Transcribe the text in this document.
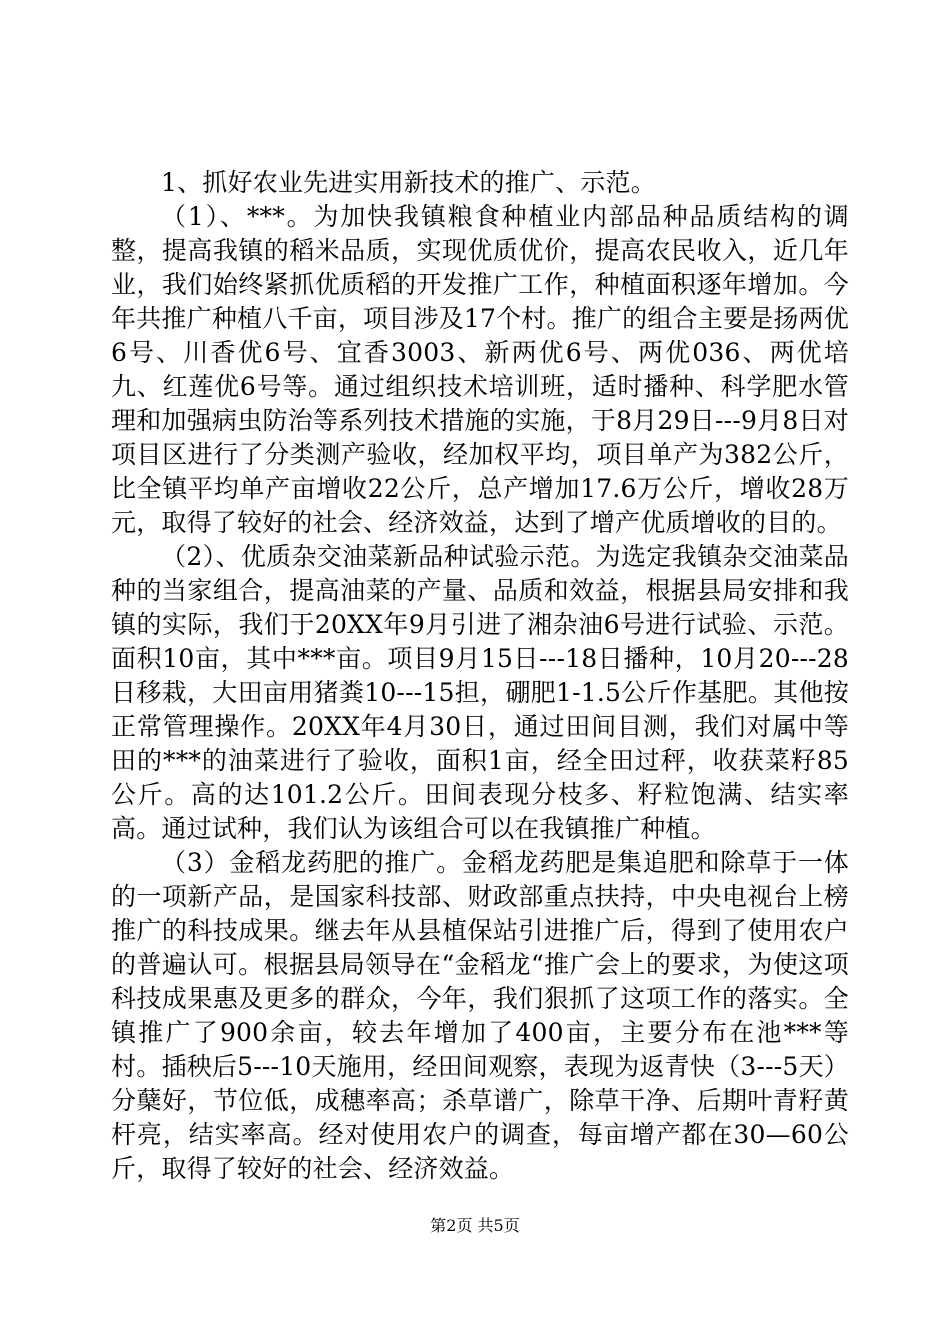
1、抓好农业先进实用新技术的推广、示范。

（1）、***。为加快我镇粮食种植业内部品种品质结构的调整，提高我镇的稻米品质，实现优质优价，提高农民收入，近几年业，我们始终紧抓优质稻的开发推广工作，种植面积逐年增加。今年共推广种植八千亩，项目涉及17个村。推广的组合主要是扬两优6号、川香优6号、宜香3003、新两优6号、两优036、两优培九、红莲优6号等。通过组织技术培训班，适时播种、科学肥水管理和加强病虫防治等系列技术措施的实施，于8月29日---9月8日对项目区进行了分类测产验收，经加权平均，项目单产为382公斤，比全镇平均单产亩增收22公斤，总产增加17.6万公斤，增收28万元，取得了较好的社会、经济效益，达到了增产优质增收的目的。

（2）、优质杂交油菜新品种试验示范。为选定我镇杂交油菜品种的当家组合，提高油菜的产量、品质和效益，根据县局安排和我镇的实际，我们于20XX年9月引进了湘杂油6号进行试验、示范。面积10亩，其中***亩。项目9月15日---18日播种，10月20---28日移栽，大田亩用猪粪10---15担，硼肥1-1.5公斤作基肥。其他按正常管理操作。20XX年4月30日，通过田间目测，我们对属中等田的***的油菜进行了验收，面积1亩，经全田过秤，收获菜籽85公斤。高的达101.2公斤。田间表现分枝多、籽粒饱满、结实率高。通过试种，我们认为该组合可以在我镇推广种植。

（3）金稻龙药肥的推广。金稻龙药肥是集追肥和除草于一体的一项新产品，是国家科技部、财政部重点扶持，中央电视台上榜推广的科技成果。继去年从县植保站引进推广后，得到了使用农户的普遍认可。根据县局领导在“金稻龙“推广会上的要求，为使这项科技成果惠及更多的群众，今年，我们狠抓了这项工作的落实。全镇推广了900余亩，较去年增加了400亩，主要分布在池***等村。插秧后5---10天施用，经田间观察，表现为返青快（3---5天）分蘖好，节位低，成穗率高；杀草谱广，除草干净、后期叶青籽黄杆亮，结实率高。经对使用农户的调查，每亩增产都在30—60公斤，取得了较好的社会、经济效益。

第2页 共5页
